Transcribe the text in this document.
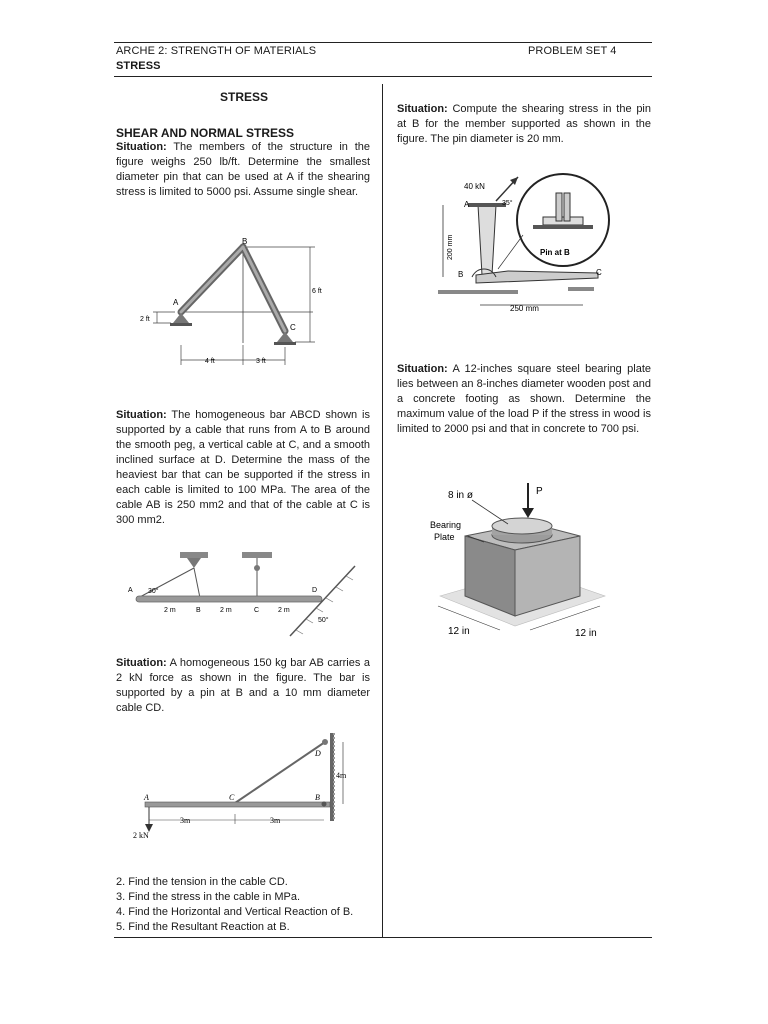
ARCHE 2: STRENGTH OF MATERIALS	PROBLEM SET 4
STRESS
STRESS
SHEAR AND NORMAL STRESS
Situation: The members of the structure in the figure weighs 250 lb/ft. Determine the smallest diameter pin that can be used at A if the shearing stress is limited to 5000 psi. Assume single shear.
A
B
C
2 ft
6 ft
4 ft	3 ft
Situation: The homogeneous bar ABCD shown is supported by a cable that runs from A to B around the smooth peg, a vertical cable at C, and a smooth inclined surface at D. Determine the mass of the heaviest bar that can be supported if the stress in each cable is limited to 100 MPa. The area of the cable AB is 250 mm2 and that of the cable at C is 300 mm2.
A 30°
B	C
D
2 m	2 m	2 m
50°
Situation: A homogeneous 150 kg bar AB carries a 2 kN force as shown in the figure. The bar is supported by a pin at B and a 10 mm diameter cable CD.
A	C	B
D
4m
3m	3m
2 kN
2. Find the tension in the cable CD.
3. Find the stress in the cable in MPa.
4. Find the Horizontal and Vertical Reaction of B.
5. Find the Resultant Reaction at B.
Situation: Compute the shearing stress in the pin at B for the member supported as shown in the figure. The pin diameter is 20 mm.
40 kN
35°
A
B	C
200 mm
250 mm
Pin at B
Situation: A 12-inches square steel bearing plate lies between an 8-inches diameter wooden post and a concrete footing as shown. Determine the maximum value of the load P if the stress in wood is limited to 2000 psi and that in concrete to 700 psi.
8 in ø	P
Bearing
Plate
12 in	12 in
